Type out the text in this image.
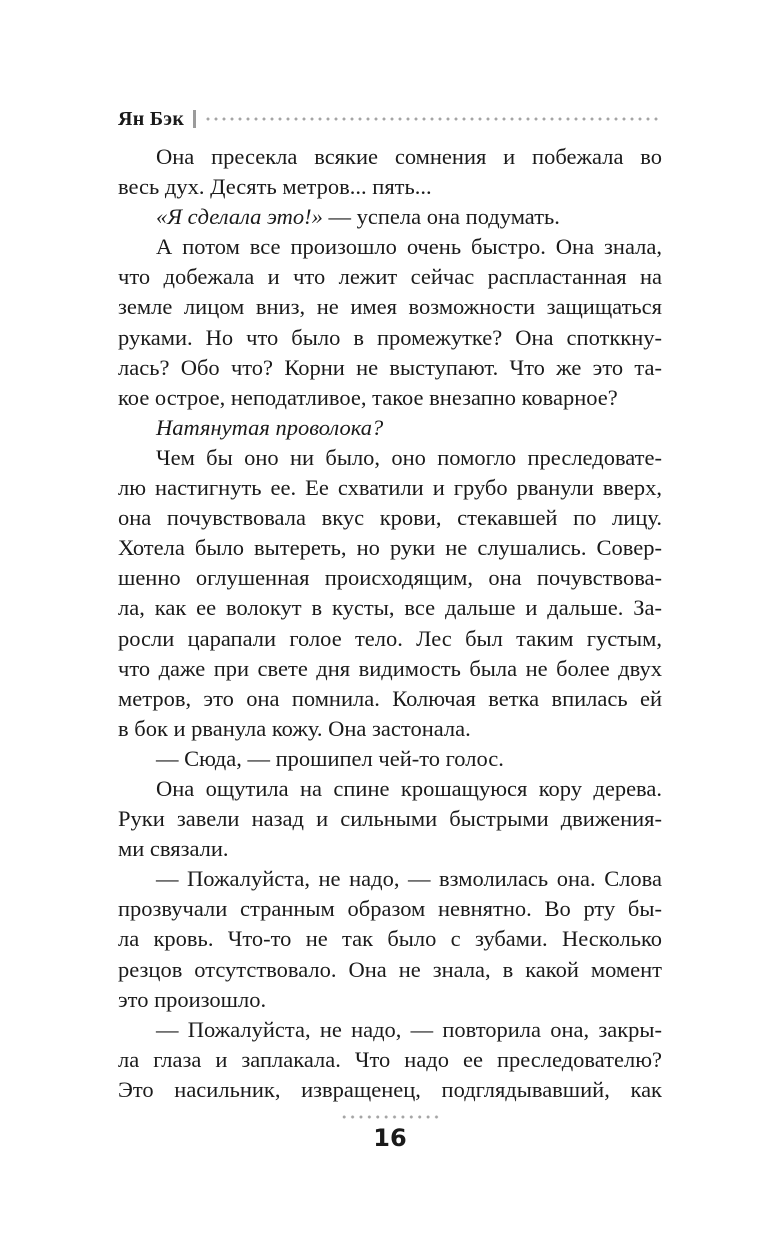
Ян Бэк
Она пресекла всякие сомнения и побежала во
весь дух. Десять метров... пять...
«Я сделала это!» — успела она подумать.
А потом все произошло очень быстро. Она знала,
что добежала и что лежит сейчас распластанная на
земле лицом вниз, не имея возможности защищаться
руками. Но что было в промежутке? Она спотккну-
лась? Обо что? Корни не выступают. Что же это та-
кое острое, неподатливое, такое внезапно коварное?
Натянутая проволока?
Чем бы оно ни было, оно помогло преследовате-
лю настигнуть ее. Ее схватили и грубо рванули вверх,
она почувствовала вкус крови, стекавшей по лицу.
Хотела было вытереть, но руки не слушались. Совер-
шенно оглушенная происходящим, она почувствова-
ла, как ее волокут в кусты, все дальше и дальше. За-
росли царапали голое тело. Лес был таким густым,
что даже при свете дня видимость была не более двух
метров, это она помнила. Колючая ветка впилась ей
в бок и рванула кожу. Она застонала.
— Сюда, — прошипел чей-то голос.
Она ощутила на спине крошащуюся кору дерева.
Руки завели назад и сильными быстрыми движения-
ми связали.
— Пожалуйста, не надо, — взмолилась она. Слова
прозвучали странным образом невнятно. Во рту бы-
ла кровь. Что-то не так было с зубами. Несколько
резцов отсутствовало. Она не знала, в какой момент
это произошло.
— Пожалуйста, не надо, — повторила она, закры-
ла глаза и заплакала. Что надо ее преследователю?
Это насильник, извращенец, подглядывавший, как
16
